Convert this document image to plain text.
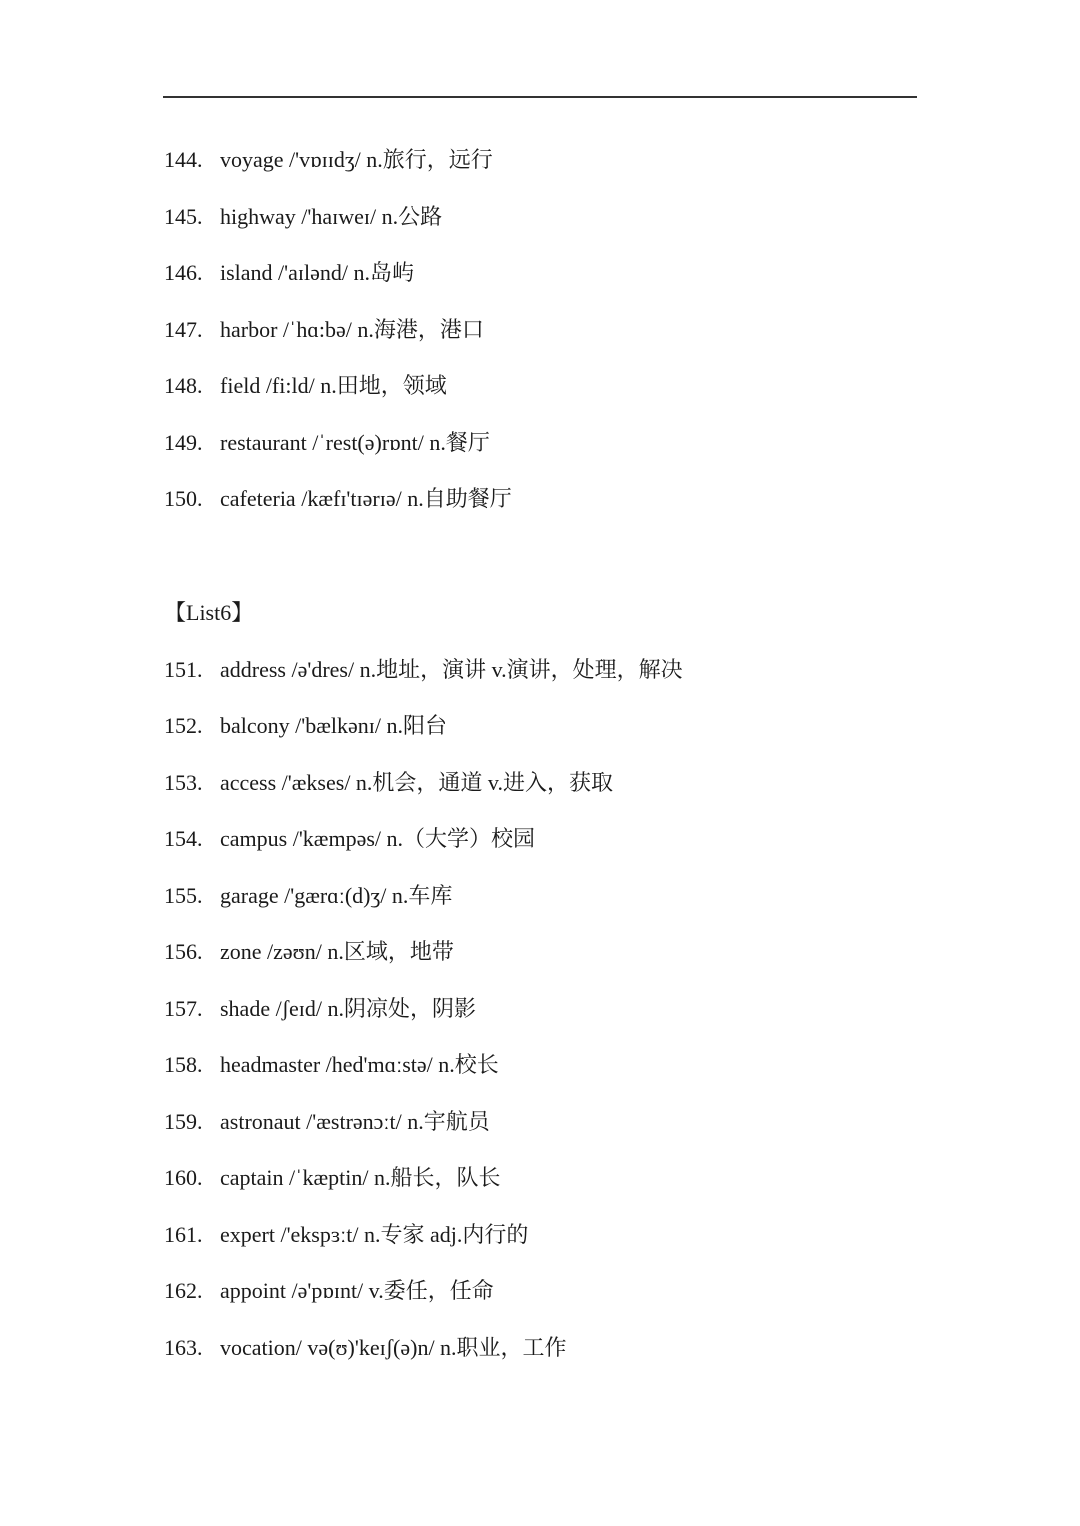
144. voyage /'vɒɪɪdʒ/ n.旅行，远行
145. highway /'haɪweɪ/ n.公路
146. island /'aɪlənd/ n.岛屿
147. harbor /ˈhɑ:bə/ n.海港，港口
148. field /fi:ld/ n.田地，领域
149. restaurant /ˈrest(ə)rɒnt/ n.餐厅
150. cafeteria /kæfɪ'tɪərɪə/ n.自助餐厅
【List6】
151. address /ə'dres/ n.地址，演讲 v.演讲，处理，解决
152. balcony /'bælkənɪ/ n.阳台
153. access /'ækses/ n.机会，通道 v.进入，获取
154. campus /'kæmpəs/ n.（大学）校园
155. garage /'gærɑː(d)ʒ/ n.车库
156. zone /zəʊn/ n.区域，地带
157. shade /ʃeɪd/ n.阴凉处，阴影
158. headmaster /hed'mɑːstə/ n.校长
159. astronaut /'æstrənɔːt/ n.宇航员
160. captain /ˈkæptin/ n.船长，队长
161. expert /'ekspɜːt/ n.专家 adj.内行的
162. appoint /ə'pɒɪnt/ v.委任，任命
163. vocation/ və(ʊ)'keɪʃ(ə)n/ n.职业，工作
